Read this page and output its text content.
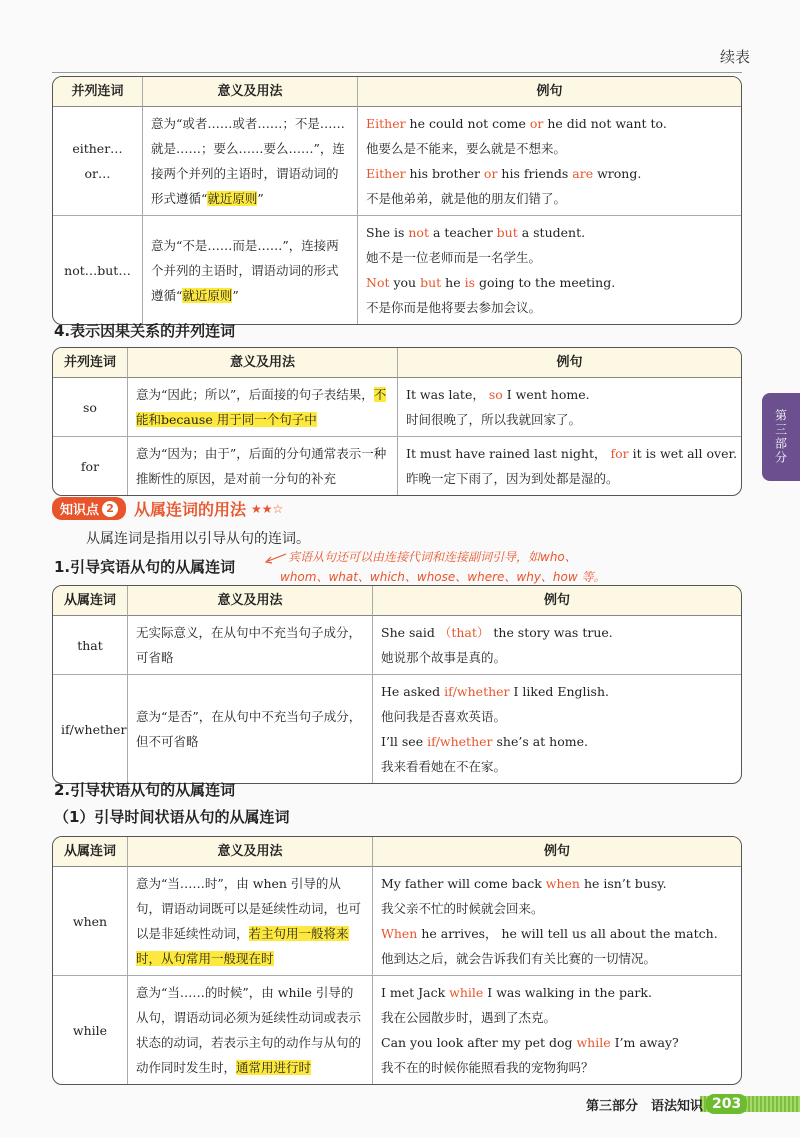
续表
并列连词	意义及用法	例句
either…or…	意为“或者……或者……；不是……就是……；要么……要么……”，连接两个并列的主语时，谓语动词的形式遵循“就近原则”	Either he could not come or he did not want to.
他要么是不能来，要么就是不想来。
Either his brother or his friends are wrong.
不是他弟弟，就是他的朋友们错了。

not…but…	意为“不是……而是……”，连接两个并列的主语时，谓语动词的形式遵循“就近原则”	She is not a teacher but a student.
她不是一位老师而是一名学生。
Not you but he is going to the meeting.
不是你而是他将要去参加会议。
4.表示因果关系的并列连词
并列连词	意义及用法	例句
so	意为“因此；所以”，后面接的句子表结果，不能和because 用于同一个句子中	It was late， so I went home.
时间很晚了，所以我就回家了。

for	意为“因为；由于”，后面的分句通常表示一种推断性的原因，是对前一分句的补充	It must have rained last night， for it is wet all over.
昨晚一定下雨了，因为到处都是湿的。
第三部分
知识点 2 从属连词的用法 ★★☆
从属连词是指用以引导从句的连词。
1.引导宾语从句的从属连词
宾语从句还可以由连接代词和连接副词引导，如who、
whom、what、which、whose、where、why、how 等。
从属连词	意义及用法	例句
that	无实际意义，在从句中不充当句子成分，可省略	She said （that） the story was true.
她说那个故事是真的。

if/whether	意为“是否”，在从句中不充当句子成分，但不可省略	He asked if/whether I liked English.
他问我是否喜欢英语。
I’ll see if/whether she’s at home.
我来看看她在不在家。
2.引导状语从句的从属连词
（1）引导时间状语从句的从属连词
从属连词	意义及用法	例句
when	意为“当……时”，由 when 引导的从句，谓语动词既可以是延续性动词，也可以是非延续性动词，若主句用一般将来时，从句常用一般现在时	My father will come back when he isn’t busy.
我父亲不忙的时候就会回来。
When he arrives， he will tell us all about the match.
他到达之后，就会告诉我们有关比赛的一切情况。

while	意为“当……的时候”，由 while 引导的从句，谓语动词必须为延续性动词或表示状态的动词，若表示主句的动作与从句的动作同时发生时，通常用进行时	I met Jack while I was walking in the park.
我在公园散步时，遇到了杰克。
Can you look after my pet dog while I’m away?
我不在的时候你能照看我的宠物狗吗？
第三部分　语法知识 203
